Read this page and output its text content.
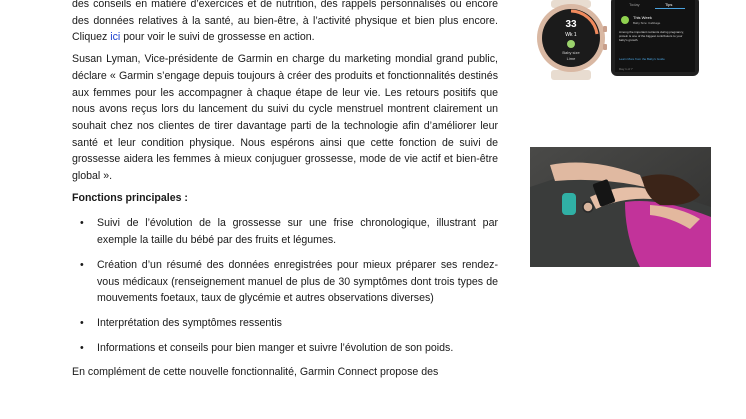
des conseils en matière d’exercices et de nutrition, des rappels personnalisés ou encore des données relatives à la santé, au bien-être, à l’activité physique et bien plus encore. Cliquez ici pour voir le suivi de grossesse en action.

Susan Lyman, Vice-présidente de Garmin en charge du marketing mondial grand public, déclare « Garmin s’engage depuis toujours à créer des produits et fonctionnalités destinés aux femmes pour les accompagner à chaque étape de leur vie. Les retours positifs que nous avons reçus lors du lancement du suivi du cycle menstruel montrent clairement un souhait chez nos clientes de tirer davantage parti de la technologie afin d’améliorer leur santé et leur condition physique. Nous espérons ainsi que cette fonction de suivi de grossesse aidera les femmes à mieux conjuguer grossesse, mode de vie actif et bien-être global ».

Fonctions principales :

• Suivi de l’évolution de la grossesse sur une frise chronologique, illustrant par exemple la taille du bébé par des fruits et légumes.
• Création d’un résumé des données enregistrées pour mieux préparer ses rendez-vous médicaux (renseignement manuel de plus de 30 symptômes dont trois types de mouvements foetaux, taux de glycémie et autres observations diverses)
• Interprétation des symptômes ressentis
• Informations et conseils pour bien manger et suivre l’évolution de son poids.

En complément de cette nouvelle fonctionnalité, Garmin Connect propose des

33
Wk 1
Baby size
Lime
Today	Tips
This Week
Baby Size: Cabbage
Among the important nutrients during pregnancy, protein is one of the biggest contributors to your baby's growth.
Learn More from the Baby's Guide
Day 1 of 7
